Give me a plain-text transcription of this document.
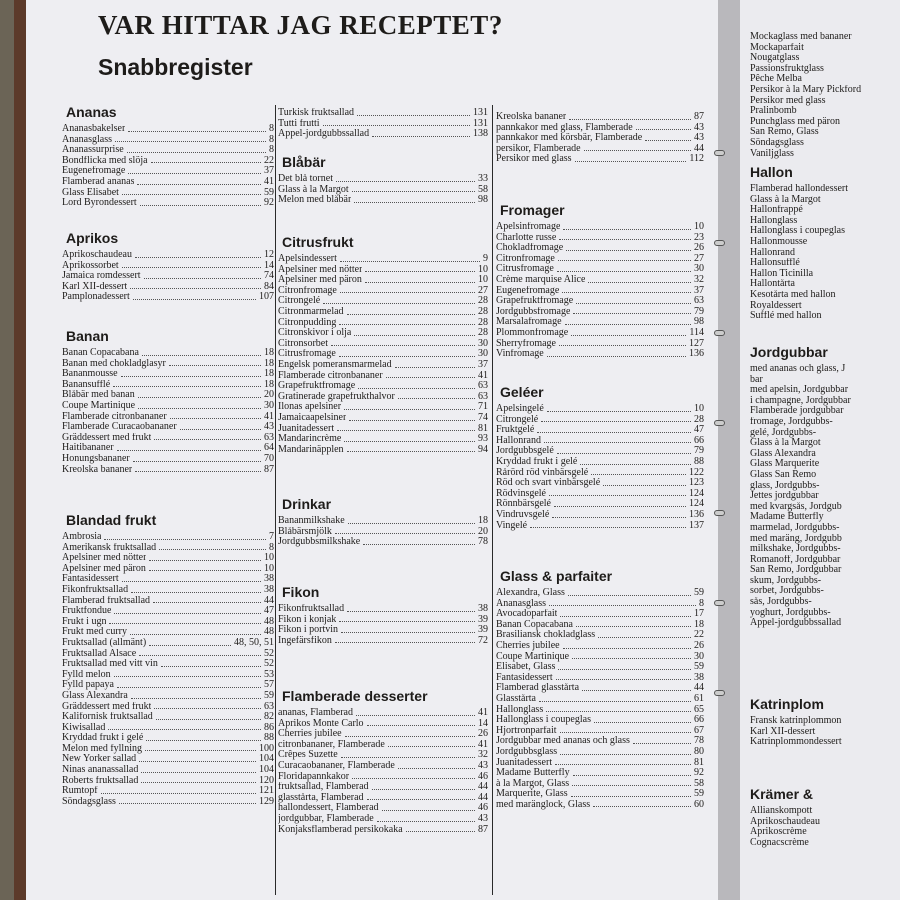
VAR HITTAR JAG RECEPTET?
Snabbregister
Ananas
Ananasbakelser	8
Ananasglass	8
Ananassurprise	8
Bondflicka med slöja	22
Eugenefromage	37
Flamberad ananas	41
Glass Elisabet	59
Lord Byrondessert	92
Aprikos
Aprikoschaudeau	12
Aprikossorbet	14
Jamaica romdessert	74
Karl XII-dessert	84
Pamplonadessert	107
Banan
Banan Copacabana	18
Banan med chokladglasyr	18
Bananmousse	18
Banansufflé	18
Blåbär med banan	20
Coupe Martinique	30
Flamberade citronbananer	41
Flamberade Curacaobananer	43
Gräddessert med frukt	63
Haitibananer	64
Honungsbananer	70
Kreolska bananer	87
Blandad frukt
Ambrosia	7
Amerikansk fruktsallad	8
Apelsiner med nötter	10
Apelsiner med päron	10
Fantasidessert	38
Fikonfruktsallad	38
Flamberad fruktsallad	44
Fruktfondue	47
Frukt i ugn	48
Frukt med curry	48
Fruktsallad (allmänt)	48, 50, 51
Fruktsallad Alsace	52
Fruktsallad med vitt vin	52
Fylld melon	53
Fylld papaya	57
Glass Alexandra	59
Gräddessert med frukt	63
Kalifornisk fruktsallad	82
Kiwisallad	86
Kryddad frukt i gelé	88
Melon med fyllning	100
New Yorker sallad	104
Ninas ananassallad	104
Roberts fruktsallad	120
Rumtopf	121
Söndagsglass	129
Turkisk fruktsallad	131
Tutti frutti	131
Äppel-jordgubbssallad	138
Blåbär
Det blå tornet	33
Glass à la Margot	58
Melon med blåbär	98
Citrusfrukt
Apelsindessert	9
Apelsiner med nötter	10
Apelsiner med päron	10
Citronfromage	27
Citrongelé	28
Citronmarmelad	28
Citronpudding	28
Citronskivor i olja	28
Citronsorbet	30
Citrusfromage	30
Engelsk pomeransmarmelad	37
Flamberade citronbananer	41
Grapefruktfromage	63
Gratinerade grapefrukthalvor	63
Ilonas apelsiner	71
Jamaicaapelsiner	74
Juanitadessert	81
Mandarincrème	93
Mandarinäpplen	94
Drinkar
Bananmilkshake	18
Blåbärsmjölk	20
Jordgubbsmilkshake	78
Fikon
Fikonfruktsallad	38
Fikon i konjak	39
Fikon i portvin	39
Ingefärsfikon	72
Flamberade desserter
ananas, Flamberad	41
Aprikos Monte Carlo	14
Cherries jubilee	26
citronbananer, Flamberade	41
Crêpes Suzette	32
Curacaobananer, Flamberade	43
Floridapannkakor	46
fruktsallad, Flamberad	44
glasstårta, Flamberad	44
hallondessert, Flamberad	46
jordgubbar, Flamberade	43
Konjaksflamberad persikokaka	87
Kreolska bananer	87
pannkakor med glass, Flamberade	43
pannkakor med körsbär, Flamberade	43
persikor, Flamberade	44
Persikor med glass	112
Fromager
Apelsinfromage	10
Charlotte russe	23
Chokladfromage	26
Citronfromage	27
Citrusfromage	30
Crème marquise Alice	32
Eugenefromage	37
Grapefruktfromage	63
Jordgubbsfromage	79
Marsalafromage	98
Plommonfromage	114
Sherryfromage	127
Vinfromage	136
Geléer
Apelsingelé	10
Citrongelé	28
Fruktgelé	47
Hallonrand	66
Jordgubbsgelé	79
Kryddad frukt i gelé	88
Rårörd röd vinbärsgelé	122
Röd och svart vinbärsgelé	123
Rödvinsgelé	124
Rönnbärsgelé	124
Vindruvsgelé	136
Vingelé	137
Glass & parfaiter
Alexandra, Glass	59
Ananasglass	8
Avocadoparfait	17
Banan Copacabana	18
Brasiliansk chokladglass	22
Cherries jubilee	26
Coupe Martinique	30
Elisabet, Glass	59
Fantasidessert	38
Flamberad glasstårta	44
Glasstårta	61
Hallonglass	65
Hallonglass i coupeglas	66
Hjortronparfait	67
Jordgubbar med ananas och glass	78
Jordgubbsglass	80
Juanitadessert	81
Madame Butterfly	92
à la Margot, Glass	58
Marquerite, Glass	59
med maränglock, Glass	60
Mockaglass med bananer
Mockaparfait
Nougatglass
Passionsfruktglass
Pêche Melba
Persikor à la Mary Pickford
Persikor med glass
Pralinbomb
Punchglass med päron
San Remo, Glass
Söndagsglass
Vaniljglass
Hallon
Flamberad hallondessert
Glass à la Margot
Hallonfrappé
Hallonglass
Hallonglass i coupeglas
Hallonmousse
Hallonrand
Hallonsufflé
Hallon Ticinilla
Hallontårta
Kesotårta med hallon
Royaldessert
Sufflé med hallon
Jordgubbar
med ananas och glass, J
bar
med apelsin, Jordgubbar
i champagne, Jordgubbar
Flamberade jordgubbar
fromage, Jordgubbs-
gelé, Jordgubbs-
Glass à la Margot
Glass Alexandra
Glass Marquerite
Glass San Remo
glass, Jordgubbs-
Jettes jordgubbar
med kvargsås, Jordgub
Madame Butterfly
marmelad, Jordgubbs-
med maräng, Jordgubb
milkshake, Jordgubbs-
Romanoff, Jordgubbar
San Remo, Jordgubbar
skum, Jordgubbs-
sorbet, Jordgubbs-
sås, Jordgubbs-
yoghurt, Jordgubbs-
Äppel-jordgubbssallad
Katrinplom
Fransk katrinplommon
Karl XII-dessert
Katrinplommondessert
Krämer &
Allianskompott
Aprikoschaudeau
Aprikoscrème
Cognacscrème
